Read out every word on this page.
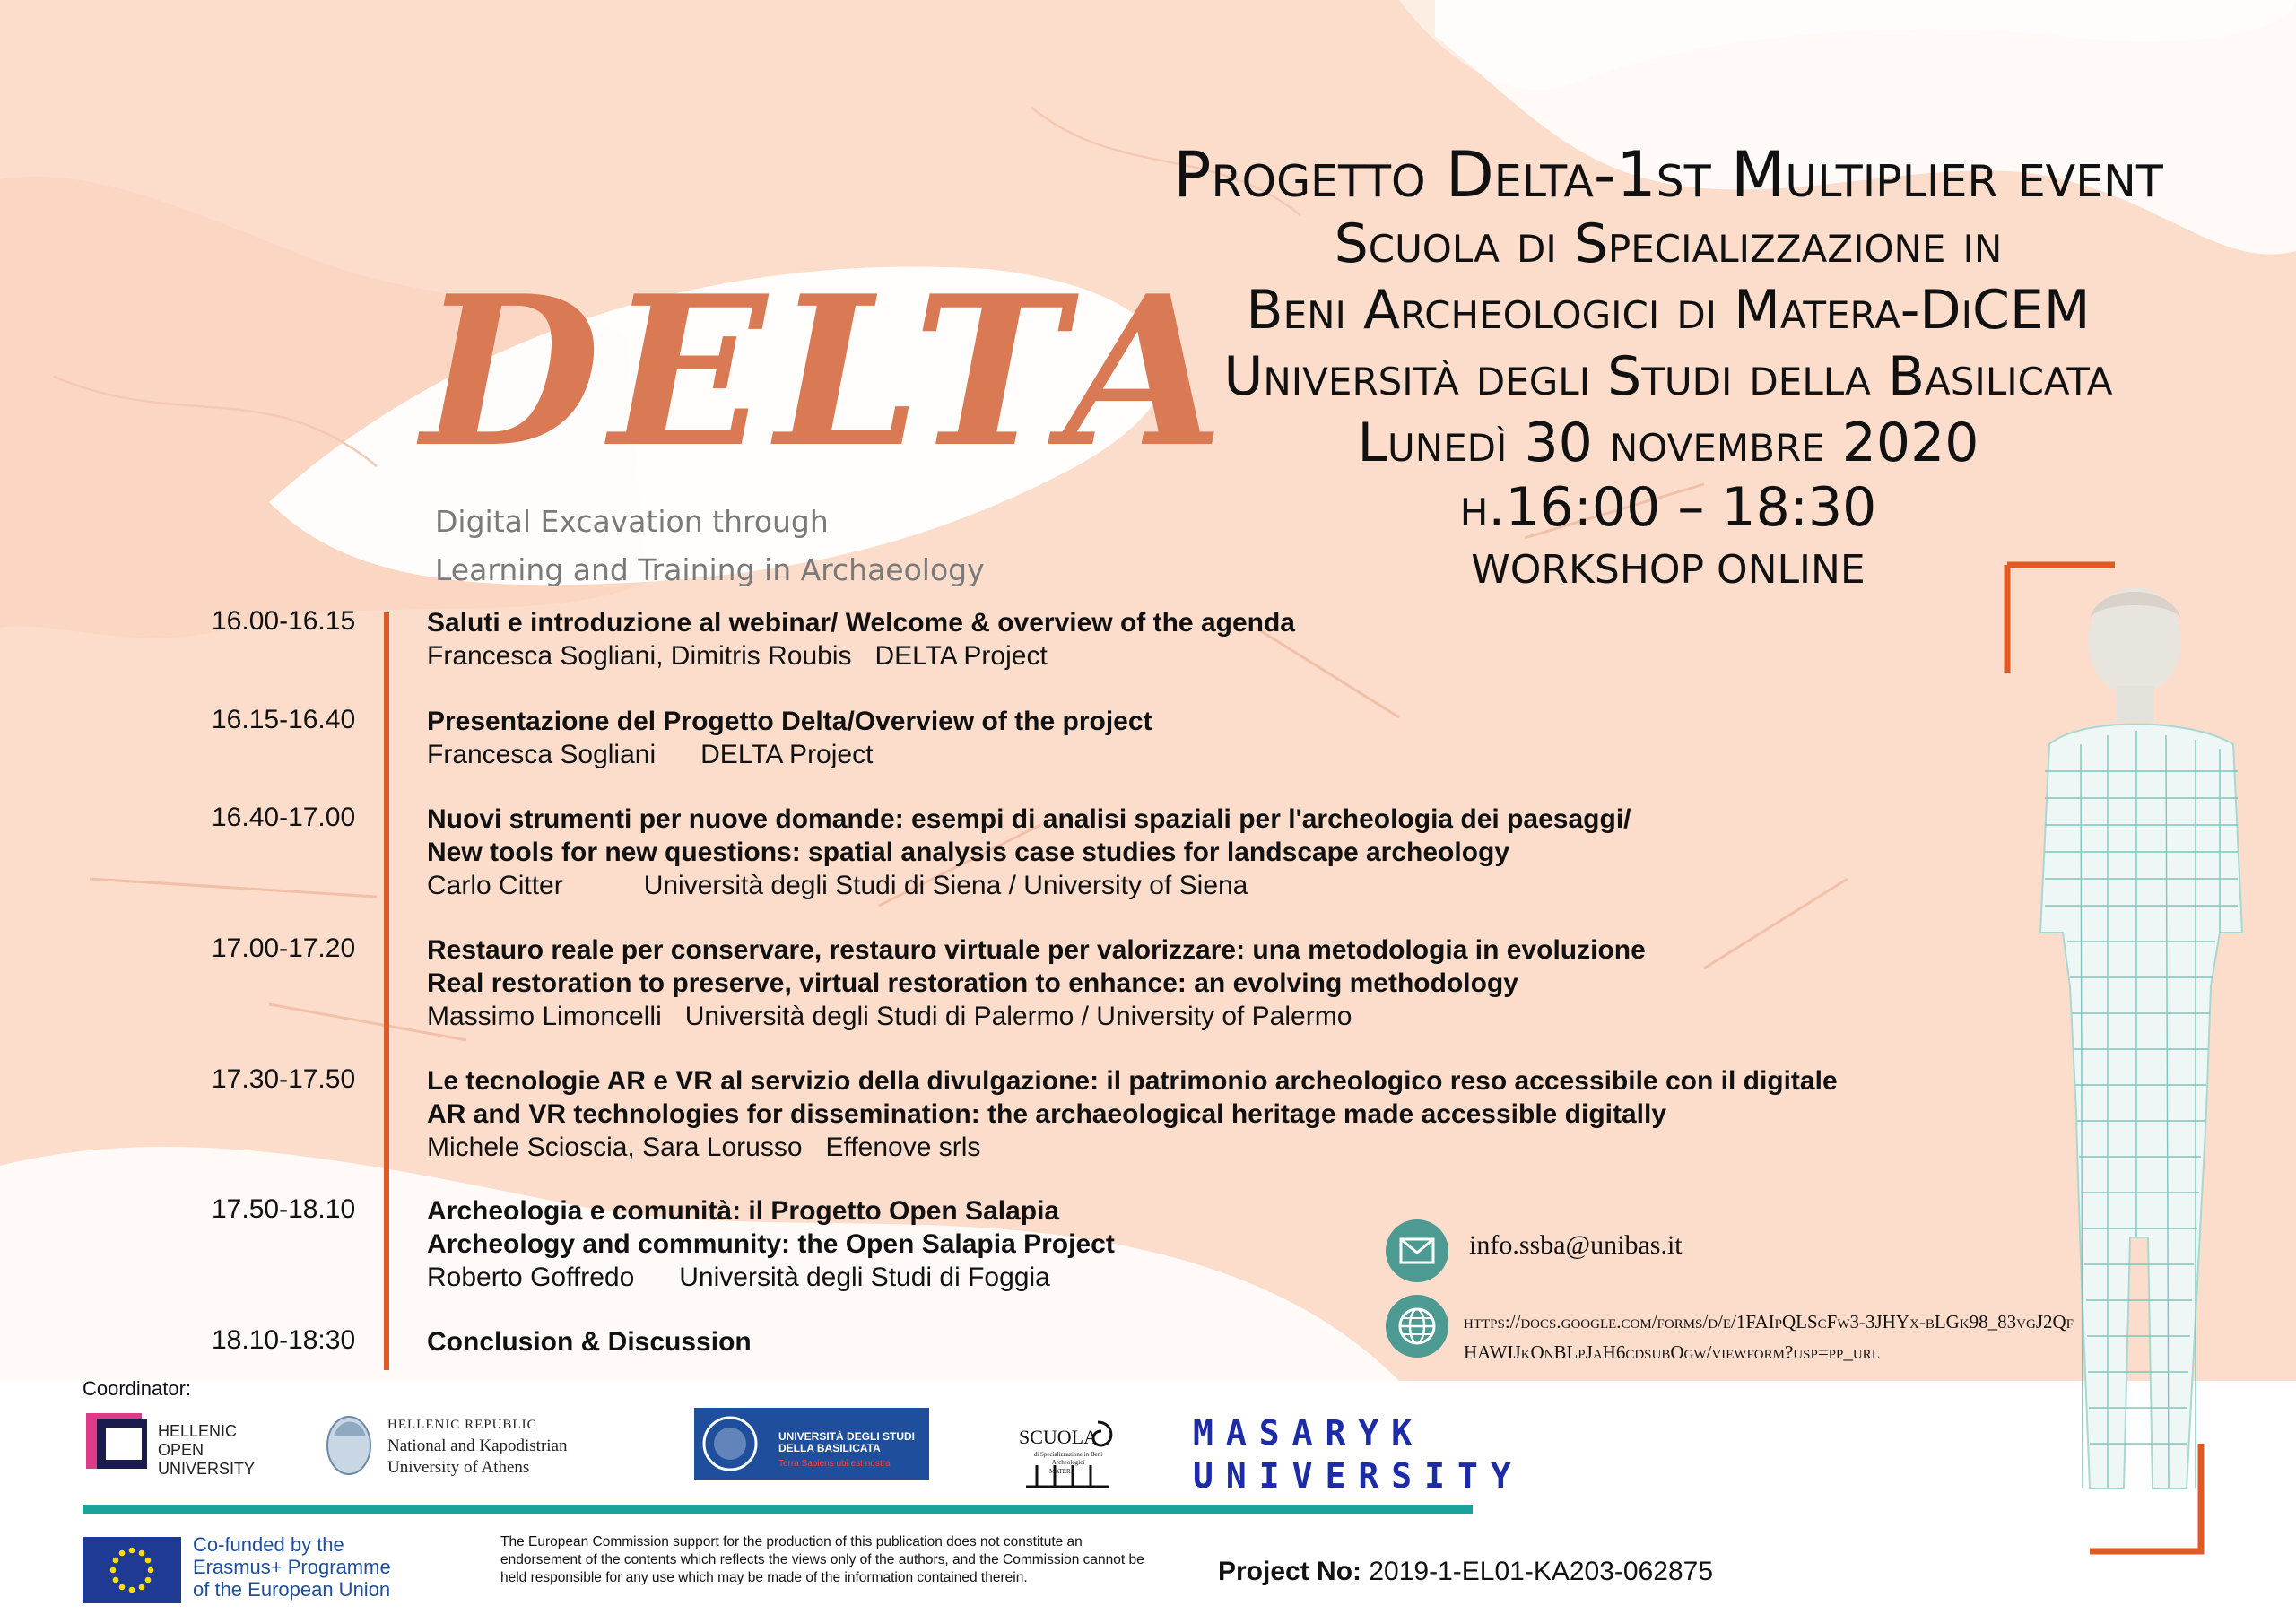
DELTA
Digital Excavation through
Learning and Training in Archaeology
Progetto Delta-1st Multiplier event
Scuola di Specializzazione in
Beni Archeologici di Matera-DiCEM
Università degli Studi della Basilicata
Lunedì 30 novembre 2020
h.16:00 – 18:30
WORKSHOP ONLINE
16.00-16.15	Saluti e introduzione al webinar/ Welcome & overview of the agenda
Francesca Sogliani, Dimitris Roubis DELTA Project
16.15-16.40	Presentazione del Progetto Delta/Overview of the project
Francesca Sogliani DELTA Project
16.40-17.00	Nuovi strumenti per nuove domande: esempi di analisi spaziali per l'archeologia dei paesaggi/
New tools for new questions: spatial analysis case studies for landscape archeology
Carlo Citter	Università degli Studi di Siena / University of Siena
17.00-17.20	Restauro reale per conservare, restauro virtuale per valorizzare: una metodologia in evoluzione
Real restoration to preserve, virtual restoration to enhance: an evolving methodology
Massimo Limoncelli Università degli Studi di Palermo / University of Palermo
17.30-17.50	Le tecnologie AR e VR al servizio della divulgazione: il patrimonio archeologico reso accessibile con il digitale
AR and VR technologies for dissemination: the archaeological heritage made accessible digitally
Michele Scioscia, Sara Lorusso Effenove srls
17.50-18.10	Archeologia e comunità: il Progetto Open Salapia
Archeology and community: the Open Salapia Project
Roberto Goffredo Università degli Studi di Foggia
18.10-18:30	Conclusion & Discussion
info.ssba@unibas.it
https://docs.google.com/forms/d/e/1FAIpQLScFw3-3JHYx-bLGk98_83vgJ2QfHAWIJkOnBLpJaH6cdsubOgw/viewform?usp=pp_url
Coordinator:
HELLENIC
OPEN
UNIVERSITY
HELLENIC REPUBLIC
National and Kapodistrian
University of Athens
UNIVERSITÀ DEGLI STUDI
DELLA BASILICATA
Terra Sapiens ubi est nostra
SCUOLA
di Specializzazione in Beni Archeologici
MATERA
MASARYK
UNIVERSITY
Co-funded by the
Erasmus+ Programme
of the European Union
The European Commission support for the production of this publication does not constitute an endorsement of the contents which reflects the views only of the authors, and the Commission cannot be held responsible for any use which may be made of the information contained therein.	Project No: 2019-1-EL01-KA203-062875
